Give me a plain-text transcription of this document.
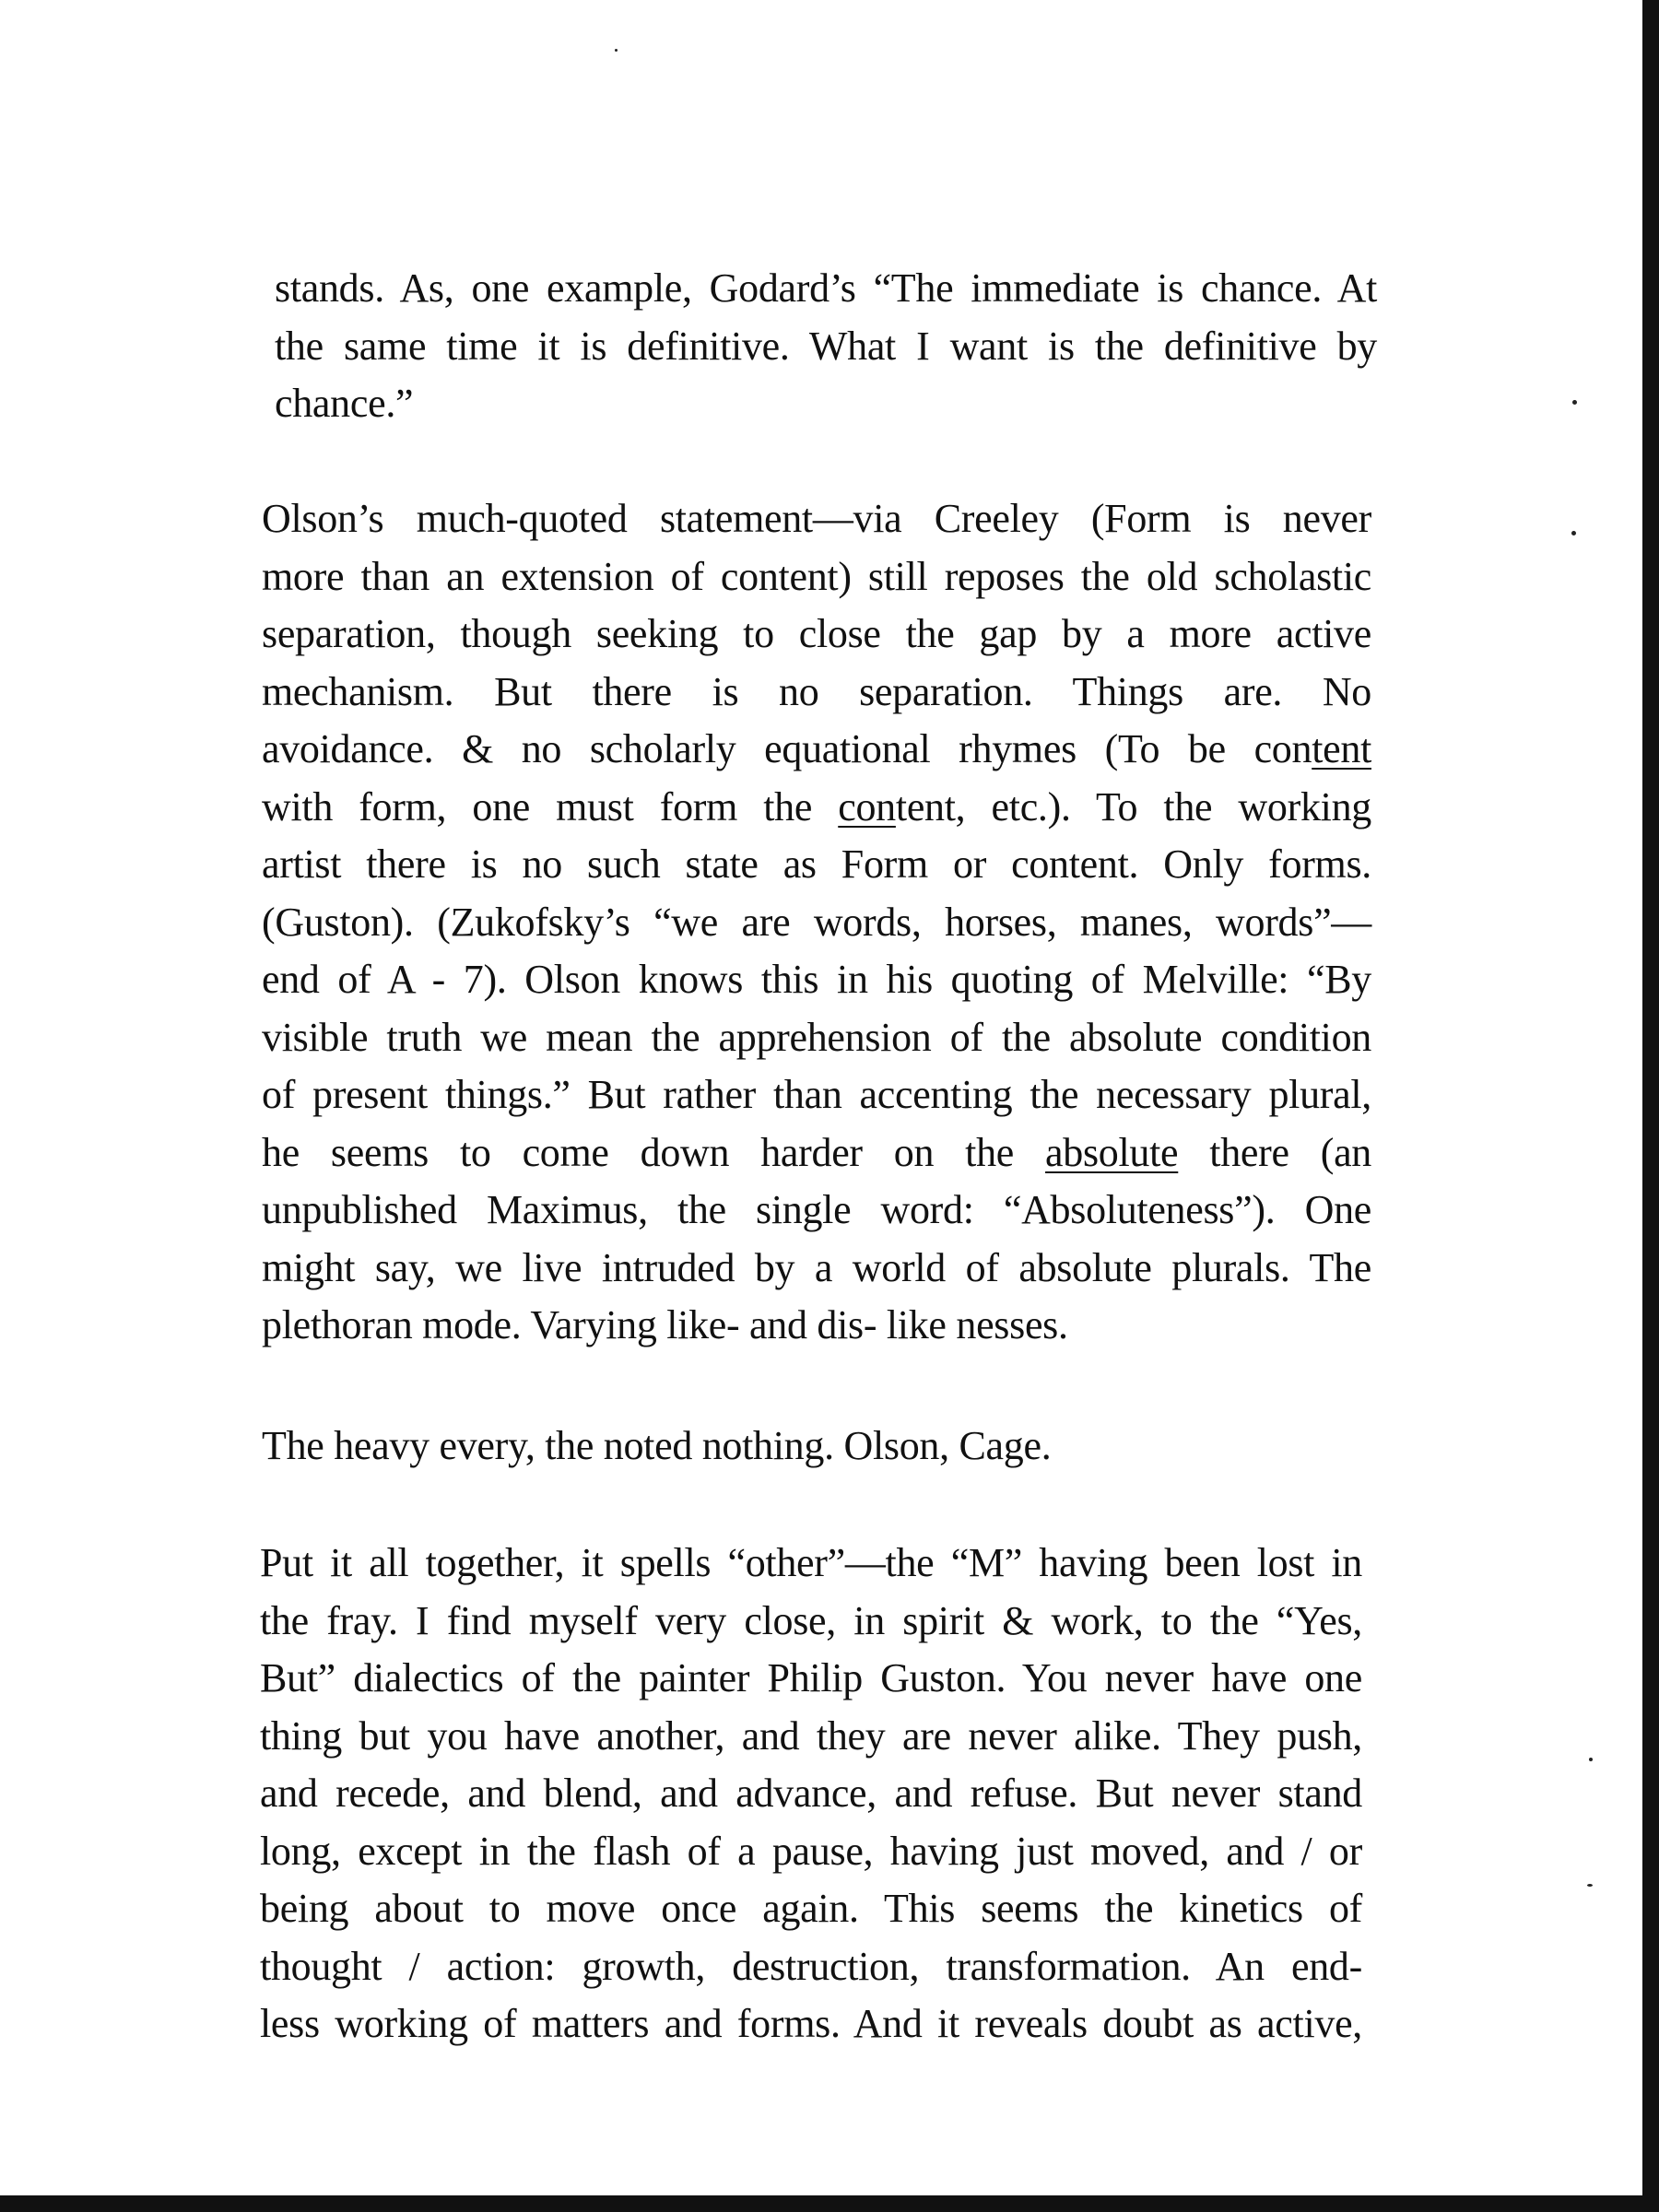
stands. As, one example, Godard’s “The immediate is chance. At
the same time it is definitive. What I want is the definitive by
chance.”

Olson’s much-quoted statement—via Creeley (Form is never
more than an extension of content) still reposes the old scholastic
separation, though seeking to close the gap by a more active
mechanism. But there is no separation. Things are. No
avoidance. & no scholarly equational rhymes (To be content
with form, one must form the content, etc.). To the working
artist there is no such state as Form or content. Only forms.
(Guston). (Zukofsky’s “we are words, horses, manes, words”—
end of A - 7). Olson knows this in his quoting of Melville: “By
visible truth we mean the apprehension of the absolute condition
of present things.” But rather than accenting the necessary plural,
he seems to come down harder on the absolute there (an
unpublished Maximus, the single word: “Absoluteness”). One
might say, we live intruded by a world of absolute plurals. The
plethoran mode. Varying like- and dis- like nesses.

The heavy every, the noted nothing. Olson, Cage.

Put it all together, it spells “other”—the “M” having been lost in
the fray. I find myself very close, in spirit & work, to the “Yes,
But” dialectics of the painter Philip Guston. You never have one
thing but you have another, and they are never alike. They push,
and recede, and blend, and advance, and refuse. But never stand
long, except in the flash of a pause, having just moved, and / or
being about to move once again. This seems the kinetics of
thought / action: growth, destruction, transformation. An end-
less working of matters and forms. And it reveals doubt as active,
